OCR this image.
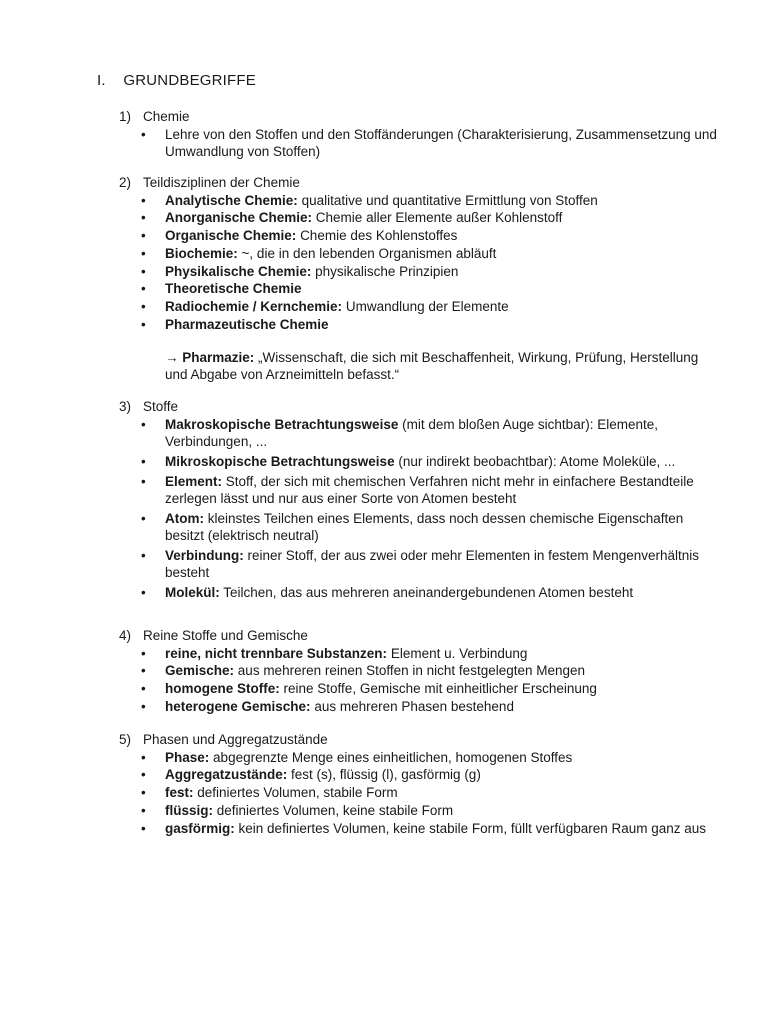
I. GRUNDBEGRIFFE
1) Chemie
• Lehre von den Stoffen und den Stoffänderungen (Charakterisierung, Zusammensetzung und Umwandlung von Stoffen)
2) Teildisziplinen der Chemie
• Analytische Chemie: qualitative und quantitative Ermittlung von Stoffen
• Anorganische Chemie: Chemie aller Elemente außer Kohlenstoff
• Organische Chemie: Chemie des Kohlenstoffes
• Biochemie: ~, die in den lebenden Organismen abläuft
• Physikalische Chemie: physikalische Prinzipien
• Theoretische Chemie
• Radiochemie / Kernchemie: Umwandlung der Elemente
• Pharmazeutische Chemie
→ Pharmazie: „Wissenschaft, die sich mit Beschaffenheit, Wirkung, Prüfung, Herstellung und Abgabe von Arzneimitteln befasst.“
3) Stoffe
• Makroskopische Betrachtungsweise (mit dem bloßen Auge sichtbar): Elemente, Verbindungen, ...
• Mikroskopische Betrachtungsweise (nur indirekt beobachtbar): Atome Moleküle, ...
• Element: Stoff, der sich mit chemischen Verfahren nicht mehr in einfachere Bestandteile zerlegen lässt und nur aus einer Sorte von Atomen besteht
• Atom: kleinstes Teilchen eines Elements, dass noch dessen chemische Eigenschaften besitzt (elektrisch neutral)
• Verbindung: reiner Stoff, der aus zwei oder mehr Elementen in festem Mengenverhältnis besteht
• Molekül: Teilchen, das aus mehreren aneinandergebundenen Atomen besteht
4) Reine Stoffe und Gemische
• reine, nicht trennbare Substanzen: Element u. Verbindung
• Gemische: aus mehreren reinen Stoffen in nicht festgelegten Mengen
• homogene Stoffe: reine Stoffe, Gemische mit einheitlicher Erscheinung
• heterogene Gemische: aus mehreren Phasen bestehend
5) Phasen und Aggregatzustände
• Phase: abgegrenzte Menge eines einheitlichen, homogenen Stoffes
• Aggregatzustände: fest (s), flüssig (l), gasförmig (g)
• fest: definiertes Volumen, stabile Form
• flüssig: definiertes Volumen, keine stabile Form
• gasförmig: kein definiertes Volumen, keine stabile Form, füllt verfügbaren Raum ganz aus
